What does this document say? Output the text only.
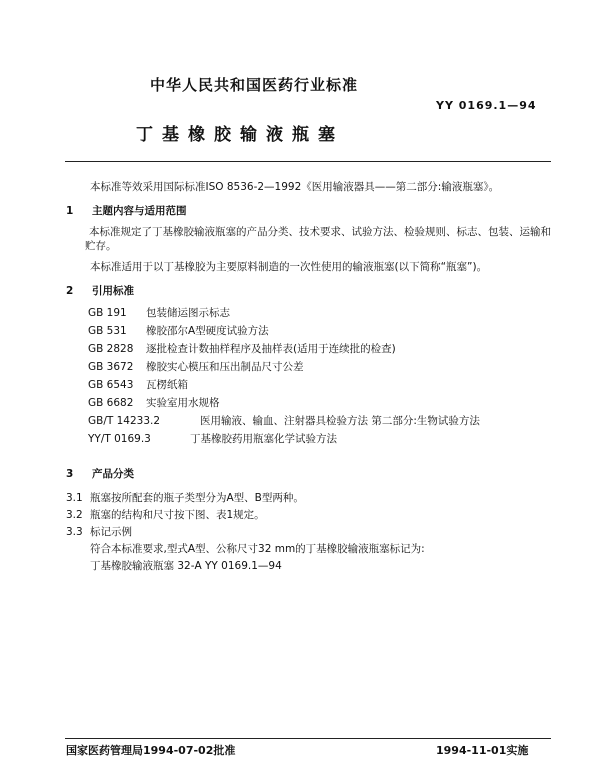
中华人民共和国医药行业标准
YY 0169.1—94
丁基橡胶输液瓶塞
本标准等效采用国际标准ISO 8536-2—1992《医用输液器具——第二部分:输液瓶塞》。
1 主题内容与适用范围
本标准规定了丁基橡胶输液瓶塞的产品分类、技术要求、试验方法、检验规则、标志、包装、运输和贮存。
本标准适用于以丁基橡胶为主要原料制造的一次性使用的输液瓶塞(以下简称“瓶塞”)。
2 引用标准
GB 191 包装储运图示标志
GB 531 橡胶邵尔A型硬度试验方法
GB 2828 逐批检查计数抽样程序及抽样表(适用于连续批的检查)
GB 3672 橡胶实心模压和压出制品尺寸公差
GB 6543 瓦楞纸箱
GB 6682 实验室用水规格
GB/T 14233.2	医用输液、输血、注射器具检验方法 第二部分:生物试验方法
YY/T 0169.3	丁基橡胶药用瓶塞化学试验方法
3 产品分类
3.1 瓶塞按所配套的瓶子类型分为A型、B型两种。
3.2 瓶塞的结构和尺寸按下图、表1规定。
3.3 标记示例
符合本标准要求,型式A型、公称尺寸32 mm的丁基橡胶输液瓶塞标记为:
丁基橡胶输液瓶塞 32-A YY 0169.1—94
国家医药管理局1994-07-02批准	1994-11-01实施
